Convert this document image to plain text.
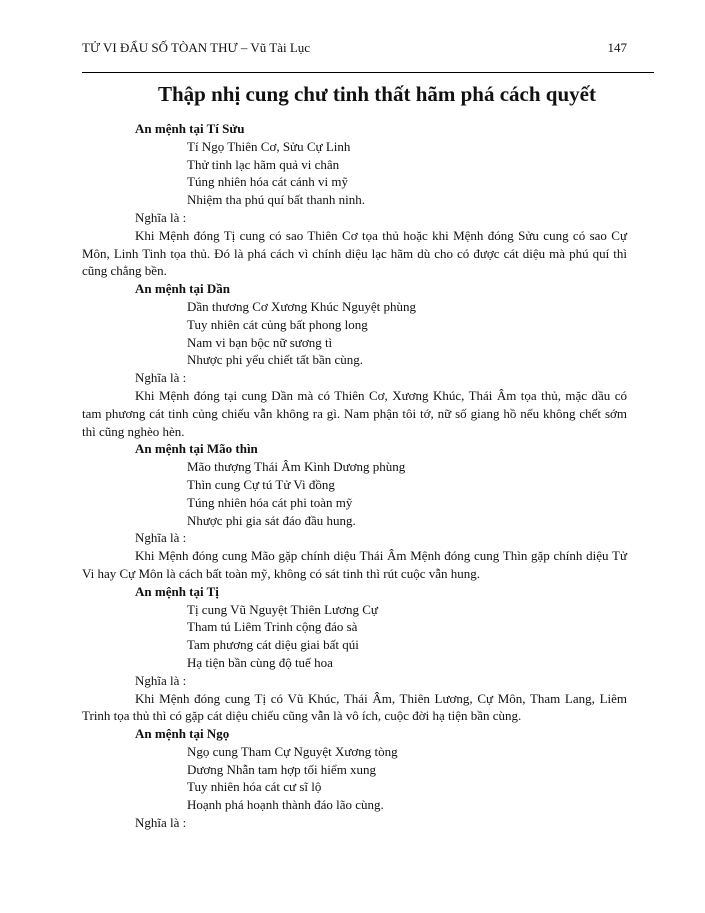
TỬ VI ĐẨU SỐ TÒAN THƯ – Vũ Tài Lục	147
Thập nhị cung chư tinh thất hãm phá cách quyết
An mệnh tại Tí Sửu
Tí Ngọ Thiên Cơ, Sửu Cự Linh
Thử tinh lạc hãm quả vi chân
Túng nhiên hóa cát cánh vi mỹ
Nhiệm tha phú quí bất thanh ninh.
Nghĩa là :
Khi Mệnh đóng Tị cung có sao Thiên Cơ tọa thủ hoặc khi Mệnh đóng Sửu cung có sao Cự Môn, Linh Tinh tọa thủ. Đó là phá cách vì chính diệu lạc hãm dù cho có được cát diệu mà phú quí thì cũng chẳng bền.
An mệnh tại Dần
Dần thương Cơ Xương Khúc Nguyệt phùng
Tuy nhiên cát củng bất phong long
Nam vi bạn bộc nữ sương tì
Nhược phi yểu chiết tất bần cùng.
Nghĩa là :
Khi Mệnh đóng tại cung Dần mà có Thiên Cơ, Xương Khúc, Thái Âm tọa thủ, mặc dầu có tam phương cát tinh củng chiếu vẫn không ra gì. Nam phận tôi tớ, nữ số giang hồ nếu không chết sớm thì cũng nghèo hèn.
An mệnh tại Mão thìn
Mão thượng Thái Âm Kình Dương phùng
Thìn cung Cự tú Tử Vi đồng
Túng nhiên hóa cát phi toàn mỹ
Nhược phi gia sát đáo đầu hung.
Nghĩa là :
Khi Mệnh đóng cung Mão gặp chính diệu Thái Âm Mệnh đóng cung Thìn gặp chính diệu Tử Vi hay Cự Môn là cách bất toàn mỹ, không có sát tinh thì rút cuộc vẫn hung.
An mệnh tại Tị
Tị cung Vũ Nguyệt Thiên Lương Cự
Tham tú Liêm Trinh cộng đáo sà
Tam phương cát diệu giai bất qúi
Hạ tiện bần cùng độ tuế hoa
Nghĩa là :
Khi Mệnh đóng cung Tị có Vũ Khúc, Thái Âm, Thiên Lương, Cự Môn, Tham Lang, Liêm Trinh tọa thủ thì có gặp cát diệu chiếu cũng vẫn là vô ích, cuộc đời hạ tiện bần cùng.
An mệnh tại Ngọ
Ngọ cung Tham Cự Nguyệt Xương tòng
Dương Nhẫn tam hợp tối hiểm xung
Tuy nhiên hóa cát cư sĩ lộ
Hoạnh phá hoạnh thành đáo lão cùng.
Nghĩa là :
